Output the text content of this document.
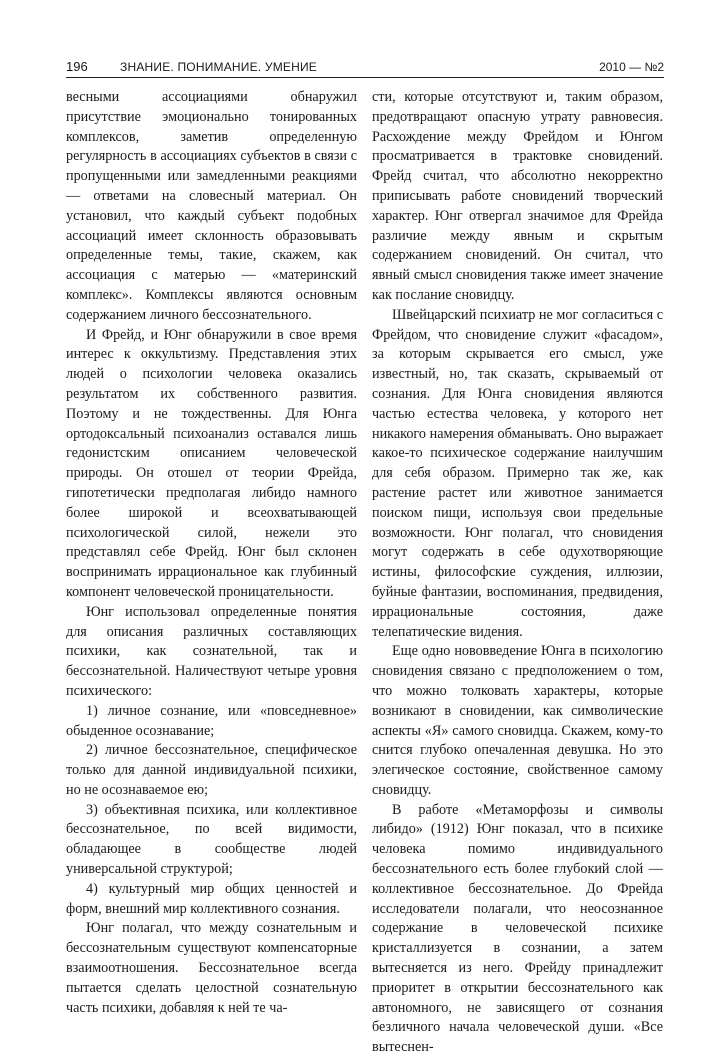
196	ЗНАНИЕ. ПОНИМАНИЕ. УМЕНИЕ	2010 — №2

весными ассоциациями обнаружил присутствие эмоционально тонированных комплексов, заметив определенную регулярность в ассоциациях субъектов в связи с пропущенными или замедленными реакциями — ответами на словесный материал. Он установил, что каждый субъект подобных ассоциаций имеет склонность образовывать определенные темы, такие, скажем, как ассоциация с матерью — «материнский комплекс». Комплексы являются основным содержанием личного бессознательного.

И Фрейд, и Юнг обнаружили в свое время интерес к оккультизму. Представления этих людей о психологии человека оказались результатом их собственного развития. Поэтому и не тождественны. Для Юнга ортодоксальный психоанализ оставался лишь гедонистским описанием человеческой природы. Он отошел от теории Фрейда, гипотетически предполагая либидо намного более широкой и всеохватывающей психологической силой, нежели это представлял себе Фрейд. Юнг был склонен воспринимать иррациональное как глубинный компонент человеческой проницательности.

Юнг использовал определенные понятия для описания различных составляющих психики, как сознательной, так и бессознательной. Наличествуют четыре уровня психического:

1) личное сознание, или «повседневное» обыденное осознавание;

2) личное бессознательное, специфическое только для данной индивидуальной психики, но не осознаваемое ею;

3) объективная психика, или коллективное бессознательное, по всей видимости, обладающее в сообществе людей универсальной структурой;

4) культурный мир общих ценностей и форм, внешний мир коллективного сознания.

Юнг полагал, что между сознательным и бессознательным существуют компенсаторные взаимоотношения. Бессознательное всегда пытается сделать целостной сознательную часть психики, добавляя к ней те ча-

сти, которые отсутствуют и, таким образом, предотвращают опасную утрату равновесия. Расхождение между Фрейдом и Юнгом просматривается в трактовке сновидений. Фрейд считал, что абсолютно некорректно приписывать работе сновидений творческий характер. Юнг отвергал значимое для Фрейда различие между явным и скрытым содержанием сновидений. Он считал, что явный смысл сновидения также имеет значение как послание сновидцу.

Швейцарский психиатр не мог согласиться с Фрейдом, что сновидение служит «фасадом», за которым скрывается его смысл, уже известный, но, так сказать, скрываемый от сознания. Для Юнга сновидения являются частью естества человека, у которого нет никакого намерения обманывать. Оно выражает какое-то психическое содержание наилучшим для себя образом. Примерно так же, как растение растет или животное занимается поиском пищи, используя свои предельные возможности. Юнг полагал, что сновидения могут содержать в себе одухотворяющие истины, философские суждения, иллюзии, буйные фантазии, воспоминания, предвидения, иррациональные состояния, даже телепатические видения.

Еще одно нововведение Юнга в психологию сновидения связано с предположением о том, что можно толковать характеры, которые возникают в сновидении, как символические аспекты «Я» самого сновидца. Скажем, кому-то снится глубоко опечаленная девушка. Но это элегическое состояние, свойственное самому сновидцу.

В работе «Метаморфозы и символы либидо» (1912) Юнг показал, что в психике человека помимо индивидуального бессознательного есть более глубокий слой — коллективное бессознательное. До Фрейда исследователи полагали, что неосознанное содержание в человеческой психике кристаллизуется в сознании, а затем вытесняется из него. Фрейду принадлежит приоритет в открытии бессознательного как автономного, не зависящего от сознания безличного начала человеческой души. «Все вытеснен-
